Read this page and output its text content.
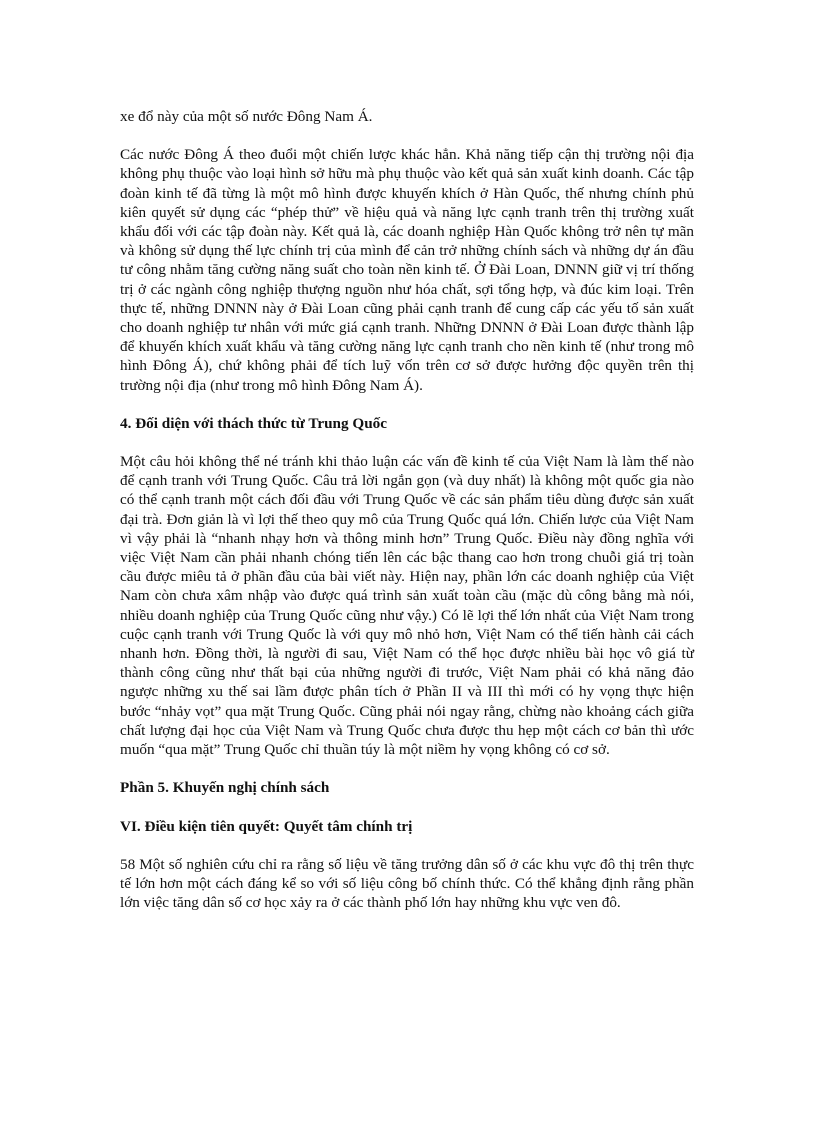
xe đổ này của một số nước Đông Nam Á.

Các nước Đông Á theo đuổi một chiến lược khác hẳn. Khả năng tiếp cận thị trường nội địa không phụ thuộc vào loại hình sở hữu mà phụ thuộc vào kết quả sản xuất kinh doanh. Các tập đoàn kinh tế đã từng là một mô hình được khuyến khích ở Hàn Quốc, thế nhưng chính phủ kiên quyết sử dụng các “phép thử” về hiệu quả và năng lực cạnh tranh trên thị trường xuất khẩu đối với các tập đoàn này. Kết quả là, các doanh nghiệp Hàn Quốc không trở nên tự mãn và không sử dụng thế lực chính trị của mình để cản trở những chính sách và những dự án đầu tư công nhằm tăng cường năng suất cho toàn nền kinh tế. Ở Đài Loan, DNNN giữ vị trí thống trị ở các ngành công nghiệp thượng nguồn như hóa chất, sợi tổng hợp, và đúc kim loại. Trên thực tế, những DNNN này ở Đài Loan cũng phải cạnh tranh để cung cấp các yếu tố sản xuất cho doanh nghiệp tư nhân với mức giá cạnh tranh. Những DNNN ở Đài Loan được thành lập để khuyến khích xuất khẩu và tăng cường năng lực cạnh tranh cho nền kinh tế (như trong mô hình Đông Á), chứ không phải để tích luỹ vốn trên cơ sở được hưởng độc quyền trên thị trường nội địa (như trong mô hình Đông Nam Á).

4. Đối diện với thách thức từ Trung Quốc

Một câu hỏi không thể né tránh khi thảo luận các vấn đề kinh tế của Việt Nam là làm thế nào để cạnh tranh với Trung Quốc. Câu trả lời ngắn gọn (và duy nhất) là không một quốc gia nào có thể cạnh tranh một cách đối đầu với Trung Quốc về các sản phẩm tiêu dùng được sản xuất đại trà. Đơn giản là vì lợi thế theo quy mô của Trung Quốc quá lớn. Chiến lược của Việt Nam vì vậy phải là “nhanh nhạy hơn và thông minh hơn” Trung Quốc. Điều này đồng nghĩa với việc Việt Nam cần phải nhanh chóng tiến lên các bậc thang cao hơn trong chuỗi giá trị toàn cầu được miêu tả ở phần đầu của bài viết này. Hiện nay, phần lớn các doanh nghiệp của Việt Nam còn chưa xâm nhập vào được quá trình sản xuất toàn cầu (mặc dù công bằng mà nói, nhiều doanh nghiệp của Trung Quốc cũng như vậy.) Có lẽ lợi thế lớn nhất của Việt Nam trong cuộc cạnh tranh với Trung Quốc là với quy mô nhỏ hơn, Việt Nam có thể tiến hành cải cách nhanh hơn. Đồng thời, là người đi sau, Việt Nam có thể học được nhiều bài học vô giá từ thành công cũng như thất bại của những người đi trước, Việt Nam phải có khả năng đảo ngược những xu thế sai lầm được phân tích ở Phần II và III thì mới có hy vọng thực hiện bước “nhảy vọt” qua mặt Trung Quốc. Cũng phải nói ngay rằng, chừng nào khoảng cách giữa chất lượng đại học của Việt Nam và Trung Quốc chưa được thu hẹp một cách cơ bản thì ước muốn “qua mặt” Trung Quốc chỉ thuần túy là một niềm hy vọng không có cơ sở.

Phần 5. Khuyến nghị chính sách
VI. Điều kiện tiên quyết: Quyết tâm chính trị

58 Một số nghiên cứu chỉ ra rằng số liệu về tăng trưởng dân số ở các khu vực đô thị trên thực tế lớn hơn một cách đáng kể so với số liệu công bố chính thức. Có thể khẳng định rằng phần lớn việc tăng dân số cơ học xảy ra ở các thành phố lớn hay những khu vực ven đô.
